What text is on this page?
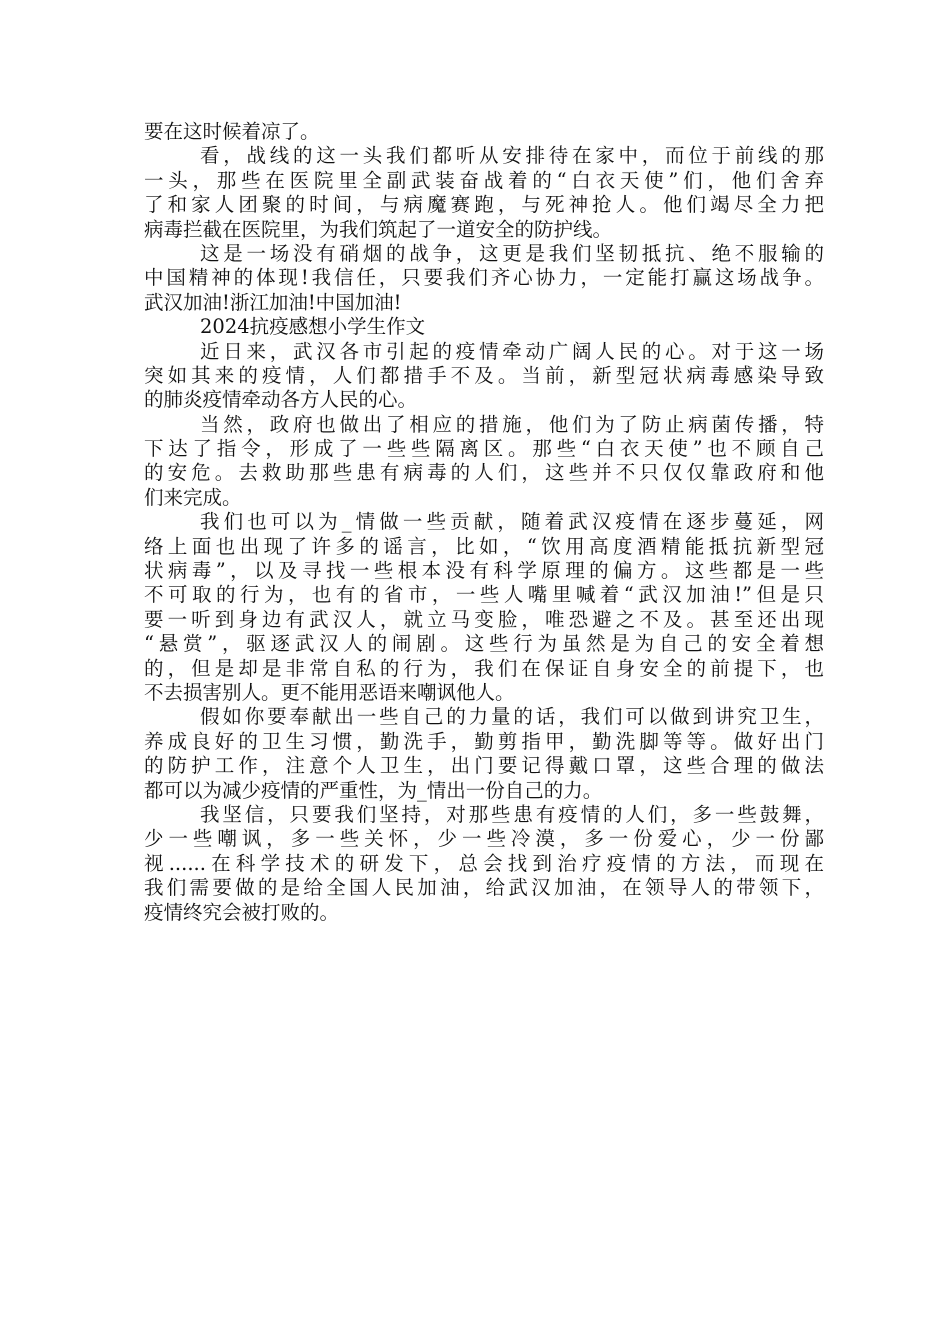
要在这时候着凉了。
看，战线的这一头我们都听从安排待在家中，而位于前线的那
一头，那些在医院里全副武装奋战着的“白衣天使”们，他们舍弃
了和家人团聚的时间，与病魔赛跑，与死神抢人。他们竭尽全力把
病毒拦截在医院里，为我们筑起了一道安全的防护线。
这是一场没有硝烟的战争，这更是我们坚韧抵抗、绝不服输的
中国精神的体现!我信任，只要我们齐心协力，一定能打赢这场战争。
武汉加油!浙江加油!中国加油!
2024抗疫感想小学生作文
近日来，武汉各市引起的疫情牵动广阔人民的心。对于这一场
突如其来的疫情，人们都措手不及。当前，新型冠状病毒感染导致
的肺炎疫情牵动各方人民的心。
当然，政府也做出了相应的措施，他们为了防止病菌传播，特
下达了指令，形成了一些些隔离区。那些“白衣天使”也不顾自己
的安危。去救助那些患有病毒的人们，这些并不只仅仅靠政府和他
们来完成。
我们也可以为_情做一些贡献，随着武汉疫情在逐步蔓延，网
络上面也出现了许多的谣言，比如，“饮用高度酒精能抵抗新型冠
状病毒”，以及寻找一些根本没有科学原理的偏方。这些都是一些
不可取的行为，也有的省市，一些人嘴里喊着“武汉加油!”但是只
要一听到身边有武汉人，就立马变脸，唯恐避之不及。甚至还出现
“悬赏”，驱逐武汉人的闹剧。这些行为虽然是为自己的安全着想
的，但是却是非常自私的行为，我们在保证自身安全的前提下，也
不去损害别人。更不能用恶语来嘲讽他人。
假如你要奉献出一些自己的力量的话，我们可以做到讲究卫生，
养成良好的卫生习惯，勤洗手，勤剪指甲，勤洗脚等等。做好出门
的防护工作，注意个人卫生，出门要记得戴口罩，这些合理的做法
都可以为减少疫情的严重性，为_情出一份自己的力。
我坚信，只要我们坚持，对那些患有疫情的人们，多一些鼓舞，
少一些嘲讽，多一些关怀，少一些冷漠，多一份爱心，少一份鄙
视......在科学技术的研发下，总会找到治疗疫情的方法，而现在
我们需要做的是给全国人民加油，给武汉加油，在领导人的带领下，
疫情终究会被打败的。
